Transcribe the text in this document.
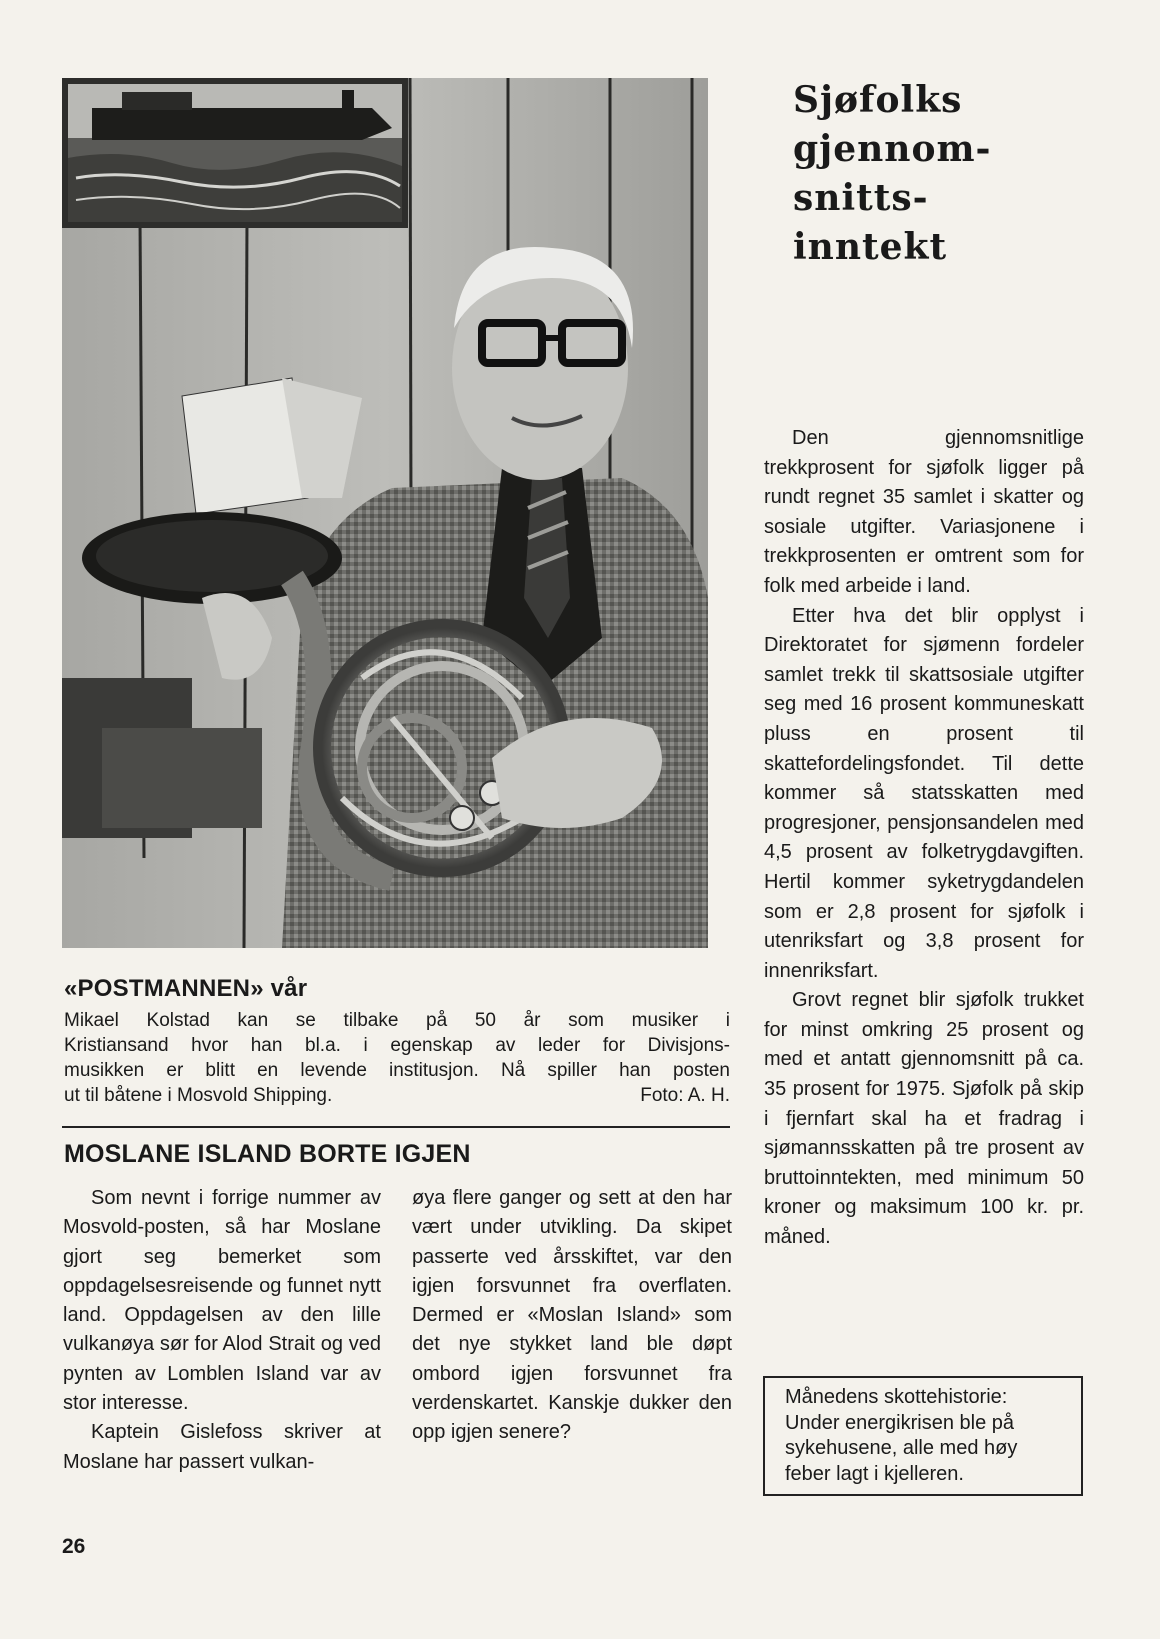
«POSTMANNEN» vår
Mikael Kolstad kan se tilbake på 50 år som musiker i
Kristiansand hvor han bl.a. i egenskap av leder for Divisjons-
musikken er blitt en levende institusjon. Nå spiller han posten
ut til båtene i Mosvold Shipping.	Foto: A. H.
MOSLANE ISLAND BORTE IGJEN

Som nevnt i forrige nummer av Mosvold-posten, så har Moslane gjort seg bemerket som oppdagelsesreisende og funnet nytt land. Oppdagelsen av den lille vulkanøya sør for Alod Strait og ved pynten av Lomblen Island var av stor interesse.

Kaptein Gislefoss skriver at Moslane har passert vulkan-

øya flere ganger og sett at den har vært under utvikling. Da skipet passerte ved årsskiftet, var den igjen forsvunnet fra overflaten. Dermed er «Moslan Island» som det nye stykket land ble døpt ombord igjen forsvunnet fra verdenskartet. Kanskje dukker den opp igjen senere?

Sjøfolks
gjennom-
snitts-
inntekt

Den gjennomsnitlige trekkprosent for sjøfolk ligger på rundt regnet 35 samlet i skatter og sosiale utgifter. Variasjonene i trekkprosenten er omtrent som for folk med arbeide i land.

Etter hva det blir opplyst i Direktoratet for sjømenn fordeler samlet trekk til skattsosiale utgifter seg med 16 prosent kommuneskatt pluss en prosent til skattefordelingsfondet. Til dette kommer så statsskatten med progresjoner, pensjonsandelen med 4,5 prosent av folketrygdavgiften. Hertil kommer syketrygdandelen som er 2,8 prosent for sjøfolk i utenriksfart og 3,8 prosent for innenriksfart.

Grovt regnet blir sjøfolk trukket for minst omkring 25 prosent og med et antatt gjennomsnitt på ca. 35 prosent for 1975. Sjøfolk på skip i fjernfart skal ha et fradrag i sjømannsskatten på tre prosent av bruttoinntekten, med minimum 50 kroner og maksimum 100 kr. pr. måned.

Månedens skottehistorie:
Under energikrisen ble på
sykehusene, alle med høy
feber lagt i kjelleren.
26
